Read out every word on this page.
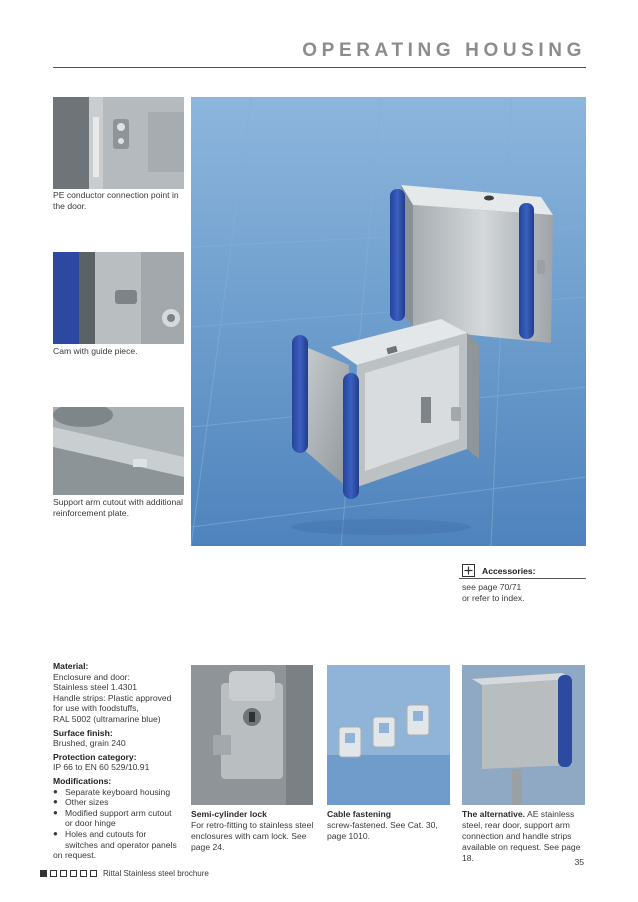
OPERATING HOUSING
PE conductor connection point in the door.
Cam with guide piece.
Support arm cutout with additional reinforcement plate.
Accessories:
see page 70/71
or refer to index.
Material:
Enclosure and door:
Stainless steel 1.4301
Handle strips: Plastic approved for use with foodstuffs,
RAL 5002 (ultramarine blue)
Surface finish:
Brushed, grain 240
Protection category:
IP 66 to EN 60 529/10.91
Modifications:
● Separate keyboard housing
● Other sizes
● Modified support arm cutout or door hinge
● Holes and cutouts for switches and operator panels
on request.
Semi-cylinder lock
For retro-fitting to stainless steel enclosures with cam lock. See page 24.
Cable fastening
screw-fastened. See Cat. 30, page 1010.
The alternative. AE stainless steel, rear door, support arm connection and handle strips available on request. See page 18.	35
Rittal Stainless steel brochure
